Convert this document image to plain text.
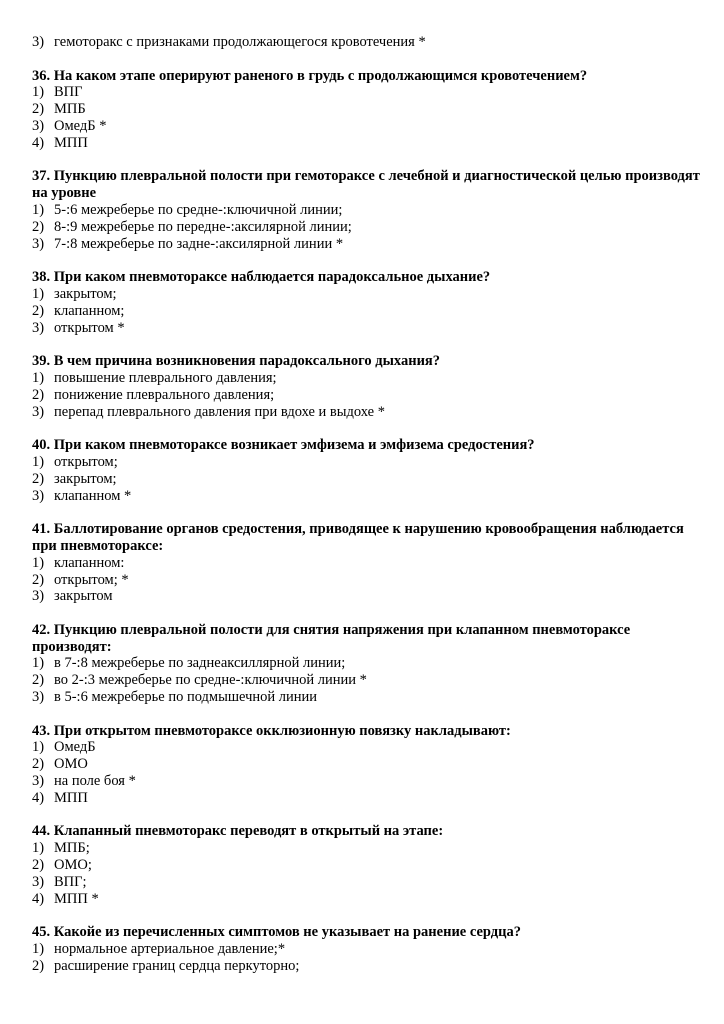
3) гемоторакс с признаками продолжающегося кровотечения *
36. На каком этапе оперируют раненого в грудь с продолжающимся кровотечением?
1) ВПГ
2) МПБ
3) ОмедБ *
4) МПП
37. Пункцию плевральной полости при гемотораксе с лечебной и диагностической целью производят на уровне
1) 5-:6 межреберье по средне-:ключичной линии;
2) 8-:9 межреберье по передне-:аксилярной линии;
3) 7-:8 межреберье по задне-:аксилярной линии *
38. При каком пневмотораксе наблюдается парадоксальное дыхание?
1) закрытом;
2) клапанном;
3) открытом *
39. В чем причина возникновения парадоксального дыхания?
1) повышение плеврального давления;
2) понижение плеврального давления;
3) перепад плеврального давления при вдохе и выдохе *
40. При каком пневмотораксе возникает эмфизема и эмфизема средостения?
1) открытом;
2) закрытом;
3) клапанном *
41. Баллотирование органов средостения, приводящее к нарушению кровообращения наблюдается при пневмотораксе:
1) клапанном:
2) открытом; *
3) закрытом
42. Пункцию плевральной полости для снятия напряжения при клапанном пневмотораксе производят:
1) в 7-:8 межреберье по заднеаксиллярной линии;
2) во 2-:3 межреберье по средне-:ключичной линии *
3) в 5-:6 межреберье по подмышечной линии
43. При открытом пневмотораксе окклюзионную повязку накладывают:
1) ОмедБ
2) ОМО
3) на поле боя *
4) МПП
44. Клапанный пневмоторакс переводят в открытый на этапе:
1) МПБ;
2) ОМО;
3) ВПГ;
4) МПП *
45. Какойе из перечисленных симптомов не указывает на ранение сердца?
1) нормальное артериальное давление;*
2) расширение границ сердца перкуторно;
